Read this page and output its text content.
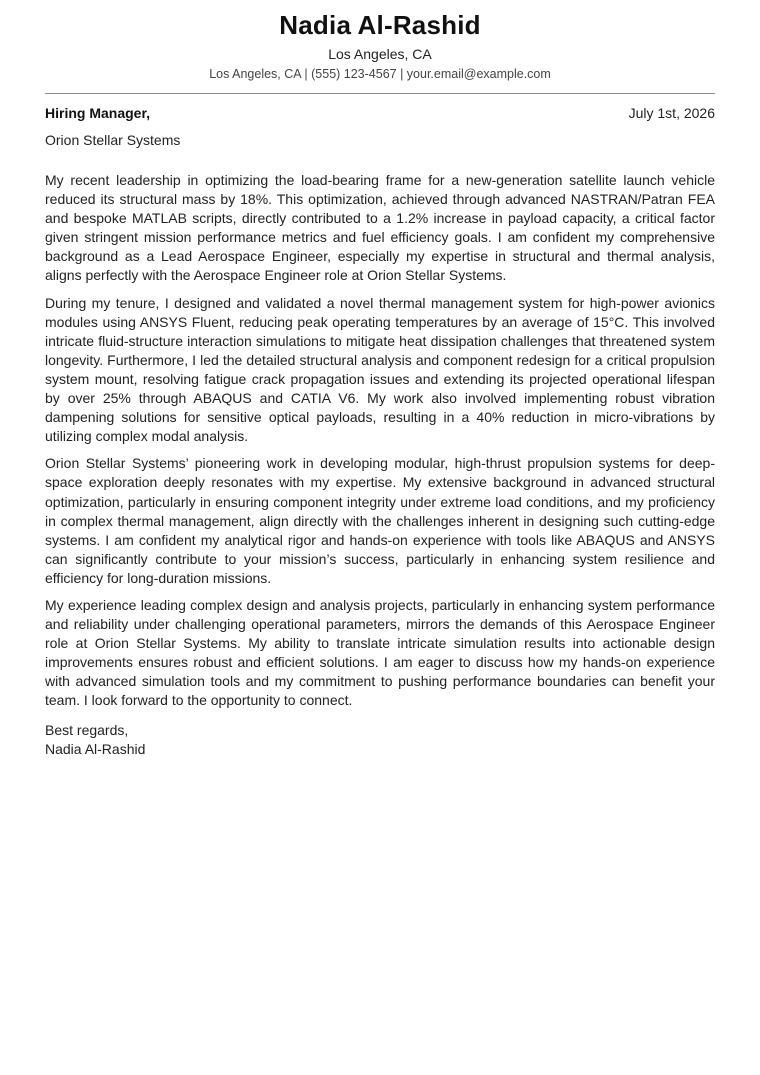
Nadia Al-Rashid

Los Angeles, CA

Los Angeles, CA | (555) 123-4567 | your.email@example.com

Hiring Manager,	July 1st, 2026

Orion Stellar Systems

My recent leadership in optimizing the load-bearing frame for a new-generation satellite launch vehicle reduced its structural mass by 18%. This optimization, achieved through advanced NASTRAN/Patran FEA and bespoke MATLAB scripts, directly contributed to a 1.2% increase in payload capacity, a critical factor given stringent mission performance metrics and fuel efficiency goals. I am confident my comprehensive background as a Lead Aerospace Engineer, especially my expertise in structural and thermal analysis, aligns perfectly with the Aerospace Engineer role at Orion Stellar Systems.

During my tenure, I designed and validated a novel thermal management system for high-power avionics modules using ANSYS Fluent, reducing peak operating temperatures by an average of 15°C. This involved intricate fluid-structure interaction simulations to mitigate heat dissipation challenges that threatened system longevity. Furthermore, I led the detailed structural analysis and component redesign for a critical propulsion system mount, resolving fatigue crack propagation issues and extending its projected operational lifespan by over 25% through ABAQUS and CATIA V6. My work also involved implementing robust vibration dampening solutions for sensitive optical payloads, resulting in a 40% reduction in micro-vibrations by utilizing complex modal analysis.

Orion Stellar Systems’ pioneering work in developing modular, high-thrust propulsion systems for deep-space exploration deeply resonates with my expertise. My extensive background in advanced structural optimization, particularly in ensuring component integrity under extreme load conditions, and my proficiency in complex thermal management, align directly with the challenges inherent in designing such cutting-edge systems. I am confident my analytical rigor and hands-on experience with tools like ABAQUS and ANSYS can significantly contribute to your mission’s success, particularly in enhancing system resilience and efficiency for long-duration missions.

My experience leading complex design and analysis projects, particularly in enhancing system performance and reliability under challenging operational parameters, mirrors the demands of this Aerospace Engineer role at Orion Stellar Systems. My ability to translate intricate simulation results into actionable design improvements ensures robust and efficient solutions. I am eager to discuss how my hands-on experience with advanced simulation tools and my commitment to pushing performance boundaries can benefit your team. I look forward to the opportunity to connect.

Best regards,
Nadia Al-Rashid
